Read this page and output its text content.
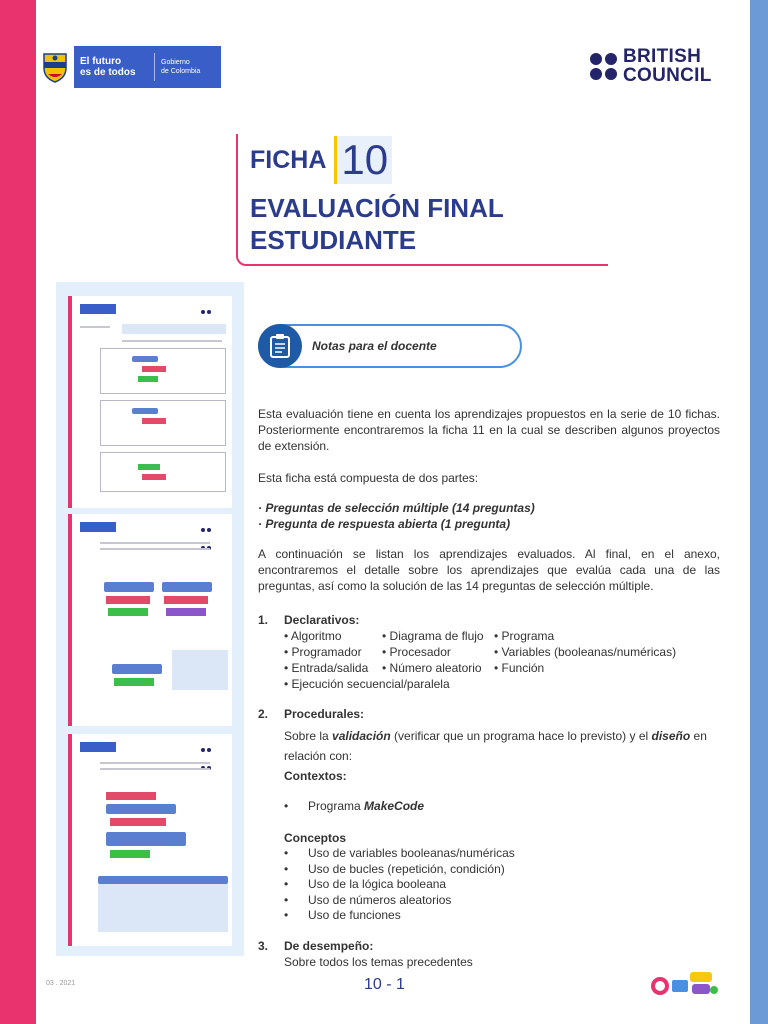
El futuro
es de todos
Gobierno
de Colombia
BRITISH
COUNCIL
FICHA 10
EVALUACIÓN FINAL
ESTUDIANTE

Notas para el docente
Esta evaluación tiene en cuenta los aprendizajes propuestos en la serie de 10 fichas. Posteriormente encontraremos la ficha 11 en la cual se describen algunos proyectos de extensión.
Esta ficha está compuesta de dos partes:
· Preguntas de selección múltiple (14 preguntas)
· Pregunta de respuesta abierta (1 pregunta)
A continuación se listan los aprendizajes evaluados. Al final, en el anexo, encontraremos el detalle sobre los aprendizajes que evalúa cada una de las preguntas, así como la solución de las 14 preguntas de selección múltiple.
1.	Declarativos:
• Algoritmo	• Diagrama de flujo • Programa
• Programador	• Procesador	• Variables (booleanas/numéricas)
• Entrada/salida	• Número aleatorio	• Función
• Ejecución secuencial/paralela
2.	Procedurales:
Sobre la validación (verificar que un programa hace lo previsto) y el diseño en relación con:
Contextos:
•	Programa MakeCode
Conceptos
•	Uso de variables booleanas/numéricas
•	Uso de bucles (repetición, condición)
•	Uso de la lógica booleana
•	Uso de números aleatorios
•	Uso de funciones
3.	De desempeño:
Sobre todos los temas precedentes
03 . 2021	10 - 1
